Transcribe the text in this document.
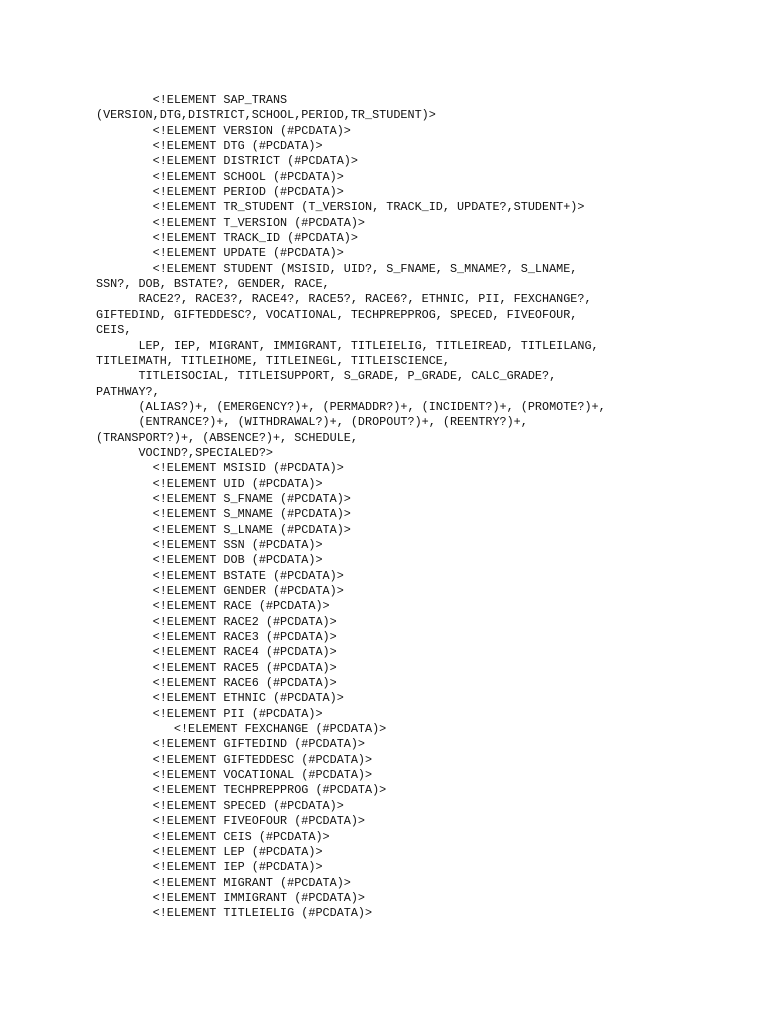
<!ELEMENT SAP_TRANS
(VERSION,DTG,DISTRICT,SCHOOL,PERIOD,TR_STUDENT)>
<!ELEMENT VERSION (#PCDATA)>
<!ELEMENT DTG (#PCDATA)>
<!ELEMENT DISTRICT (#PCDATA)>
<!ELEMENT SCHOOL (#PCDATA)>
<!ELEMENT PERIOD (#PCDATA)>
<!ELEMENT TR_STUDENT (T_VERSION, TRACK_ID, UPDATE?,STUDENT+)>
<!ELEMENT T_VERSION (#PCDATA)>
<!ELEMENT TRACK_ID (#PCDATA)>
<!ELEMENT UPDATE (#PCDATA)>
<!ELEMENT STUDENT (MSISID, UID?, S_FNAME, S_MNAME?, S_LNAME,
SSN?, DOB, BSTATE?, GENDER, RACE,
RACE2?, RACE3?, RACE4?, RACE5?, RACE6?, ETHNIC, PII, FEXCHANGE?,
GIFTEDIND, GIFTEDDESC?, VOCATIONAL, TECHPREPPROG, SPECED, FIVEOFOUR,
CEIS,
LEP, IEP, MIGRANT, IMMIGRANT, TITLEIELIG, TITLEIREAD, TITLEILANG,
TITLEIMATH, TITLEIHOME, TITLEINEGL, TITLEISCIENCE,
TITLEISOCIAL, TITLEISUPPORT, S_GRADE, P_GRADE, CALC_GRADE?,
PATHWAY?,
(ALIAS?)+, (EMERGENCY?)+, (PERMADDR?)+, (INCIDENT?)+, (PROMOTE?)+,
(ENTRANCE?)+, (WITHDRAWAL?)+, (DROPOUT?)+, (REENTRY?)+,
(TRANSPORT?)+, (ABSENCE?)+, SCHEDULE,
VOCIND?,SPECIALED?>
<!ELEMENT MSISID (#PCDATA)>
<!ELEMENT UID (#PCDATA)>
<!ELEMENT S_FNAME (#PCDATA)>
<!ELEMENT S_MNAME (#PCDATA)>
<!ELEMENT S_LNAME (#PCDATA)>
<!ELEMENT SSN (#PCDATA)>
<!ELEMENT DOB (#PCDATA)>
<!ELEMENT BSTATE (#PCDATA)>
<!ELEMENT GENDER (#PCDATA)>
<!ELEMENT RACE (#PCDATA)>
<!ELEMENT RACE2 (#PCDATA)>
<!ELEMENT RACE3 (#PCDATA)>
<!ELEMENT RACE4 (#PCDATA)>
<!ELEMENT RACE5 (#PCDATA)>
<!ELEMENT RACE6 (#PCDATA)>
<!ELEMENT ETHNIC (#PCDATA)>
<!ELEMENT PII (#PCDATA)>
<!ELEMENT FEXCHANGE (#PCDATA)>
<!ELEMENT GIFTEDIND (#PCDATA)>
<!ELEMENT GIFTEDDESC (#PCDATA)>
<!ELEMENT VOCATIONAL (#PCDATA)>
<!ELEMENT TECHPREPPROG (#PCDATA)>
<!ELEMENT SPECED (#PCDATA)>
<!ELEMENT FIVEOFOUR (#PCDATA)>
<!ELEMENT CEIS (#PCDATA)>
<!ELEMENT LEP (#PCDATA)>
<!ELEMENT IEP (#PCDATA)>
<!ELEMENT MIGRANT (#PCDATA)>
<!ELEMENT IMMIGRANT (#PCDATA)>
<!ELEMENT TITLEIELIG (#PCDATA)>
